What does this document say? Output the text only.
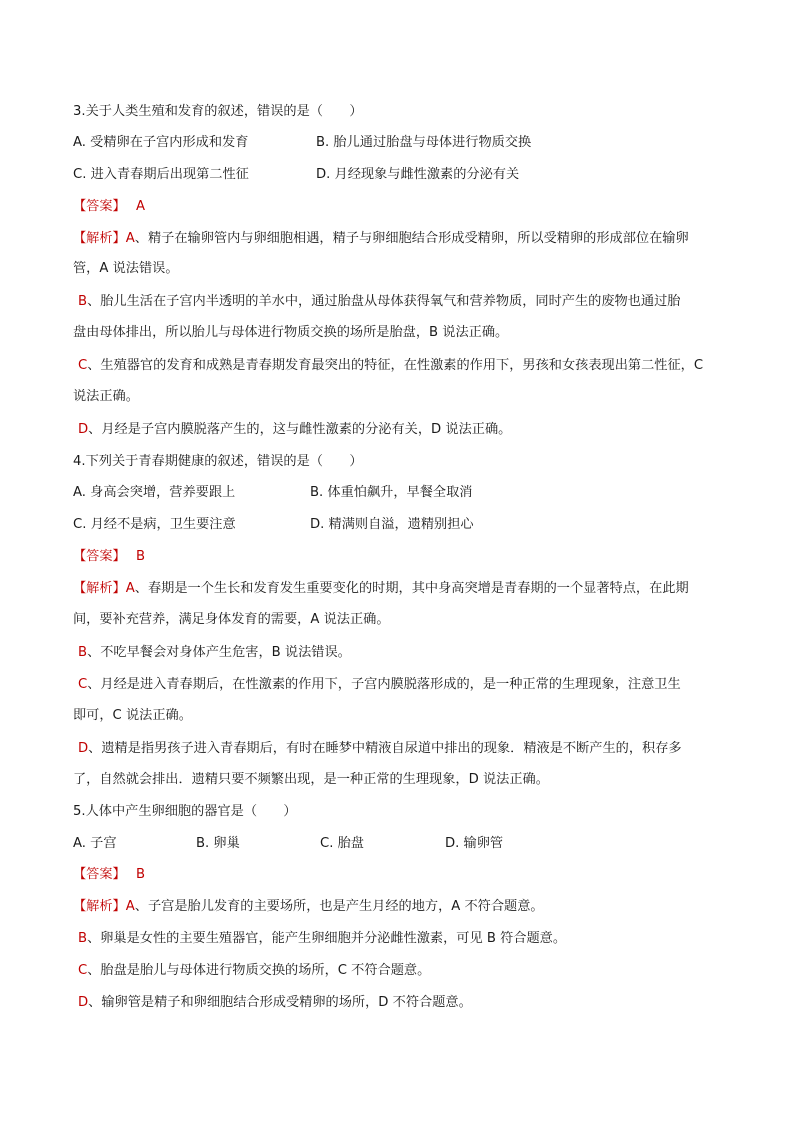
3.关于人类生殖和发育的叙述，错误的是（　　）
A. 受精卵在子宫内形成和发育	B. 胎儿通过胎盘与母体进行物质交换
C. 进入青春期后出现第二性征	D. 月经现象与雌性激素的分泌有关
【答案】 A
【解析】A、精子在输卵管内与卵细胞相遇，精子与卵细胞结合形成受精卵，所以受精卵的形成部位在输卵
管，A 说法错误。
B、胎儿生活在子宫内半透明的羊水中，通过胎盘从母体获得氧气和营养物质，同时产生的废物也通过胎
盘由母体排出，所以胎儿与母体进行物质交换的场所是胎盘，B 说法正确。
C、生殖器官的发育和成熟是青春期发育最突出的特征，在性激素的作用下，男孩和女孩表现出第二性征，C
说法正确。
D、月经是子宫内膜脱落产生的，这与雌性激素的分泌有关，D 说法正确。
4.下列关于青春期健康的叙述，错误的是（　　）
A. 身高会突增，营养要跟上	B. 体重怕飙升，早餐全取消
C. 月经不是病，卫生要注意	D. 精满则自溢，遗精别担心
【答案】 B
【解析】A、春期是一个生长和发育发生重要变化的时期，其中身高突增是青春期的一个显著特点，在此期
间，要补充营养，满足身体发育的需要，A 说法正确。
B、不吃早餐会对身体产生危害，B 说法错误。
C、月经是进入青春期后，在性激素的作用下，子宫内膜脱落形成的，是一种正常的生理现象，注意卫生
即可，C 说法正确。
D、遗精是指男孩子进入青春期后，有时在睡梦中精液自尿道中排出的现象．精液是不断产生的，积存多
了，自然就会排出．遗精只要不频繁出现，是一种正常的生理现象，D 说法正确。
5.人体中产生卵细胞的器官是（　　）
A. 子宫	B. 卵巢	C. 胎盘	D. 输卵管
【答案】 B
【解析】A、子宫是胎儿发育的主要场所，也是产生月经的地方，A 不符合题意。
B、卵巢是女性的主要生殖器官，能产生卵细胞并分泌雌性激素，可见 B 符合题意。
C、胎盘是胎儿与母体进行物质交换的场所，C 不符合题意。
D、输卵管是精子和卵细胞结合形成受精卵的场所，D 不符合题意。
